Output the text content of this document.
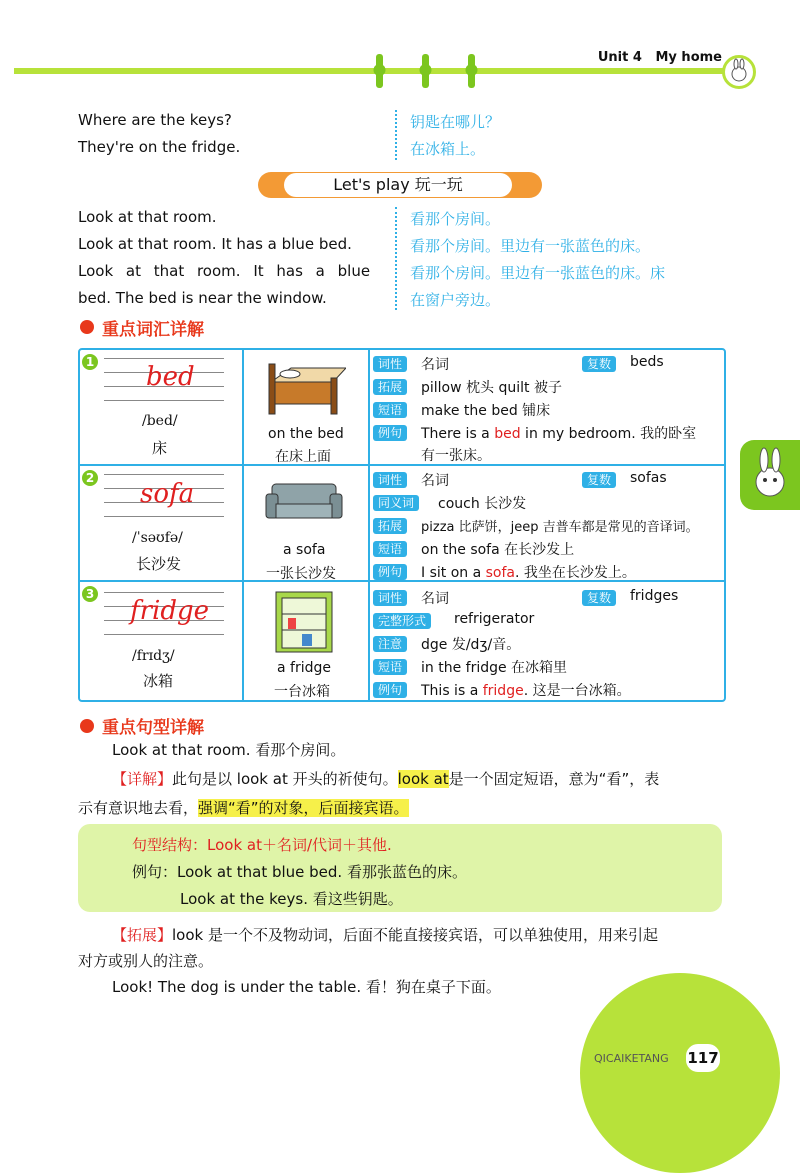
Unit 4 My home
Where are the keys?
They're on the fridge.
钥匙在哪儿？
在冰箱上。
Let's play 玩一玩
Look at that room.
Look at that room. It has a blue bed.
Look at that room. It has a blue
bed. The bed is near the window.
看那个房间。
看那个房间。里边有一张蓝色的床。
看那个房间。里边有一张蓝色的床。床
在窗户旁边。
重点词汇详解
1 bed
/bed/
床
on the bed
在床上面
词性	名词	复数	beds
拓展	pillow 枕头 quilt 被子
短语	make the bed 铺床
例句	There is a bed in my bedroom. 我的卧室
有一张床。
2
sofa
/ˈsəʊfə/
长沙发
a sofa
一张长沙发
词性	名词	复数	sofas
同义词	couch 长沙发
拓展	pizza 比萨饼，jeep 吉普车都是常见的音译词。
短语	on the sofa 在长沙发上
例句	I sit on a sofa. 我坐在长沙发上。
3
fridge
/frɪdʒ/
冰箱
a fridge
一台冰箱
词性	名词	复数	fridges
完整形式	refrigerator
注意	dge 发/dʒ/音。
短语	in the fridge 在冰箱里
例句	This is a fridge. 这是一台冰箱。
重点句型详解
Look at that room. 看那个房间。
【详解】此句是以 look at 开头的祈使句。look at是一个固定短语，意为“看”，表
示有意识地去看，强调“看”的对象，后面接宾语。
句型结构：Look at＋名词/代词＋其他.
例句：Look at that blue bed. 看那张蓝色的床。
Look at the keys. 看这些钥匙。
【拓展】look 是一个不及物动词，后面不能直接接宾语，可以单独使用，用来引起
对方或别人的注意。
Look! The dog is under the table. 看！狗在桌子下面。
QICAIKETANG 117
